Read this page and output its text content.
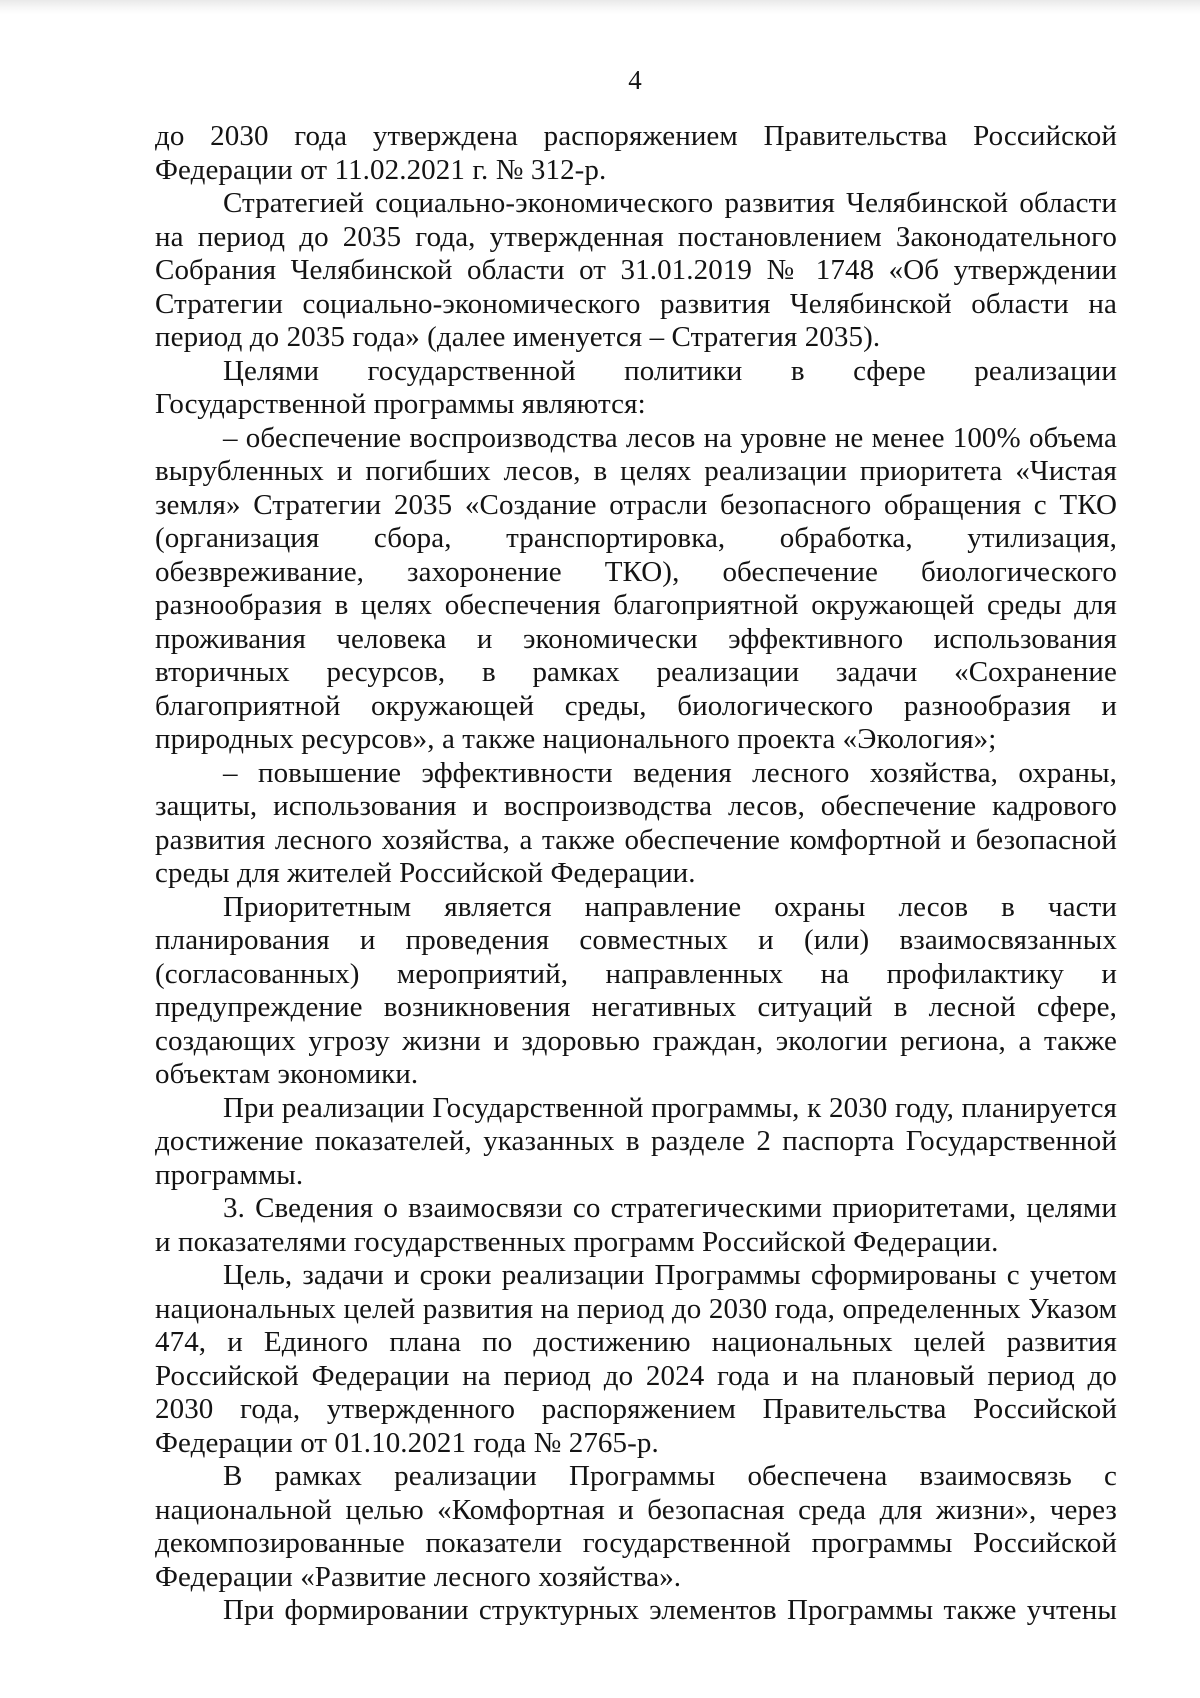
4

до 2030 года утверждена распоряжением Правительства Российской Федерации от 11.02.2021 г. № 312-р.

Стратегией социально-экономического развития Челябинской области на период до 2035 года, утвержденная постановлением Законодательного Собрания Челябинской области от 31.01.2019 № 1748 «Об утверждении Стратегии социально-экономического развития Челябинской области на период до 2035 года» (далее именуется – Стратегия 2035).

Целями государственной политики в сфере реализации Государственной программы являются:

– обеспечение воспроизводства лесов на уровне не менее 100% объема вырубленных и погибших лесов, в целях реализации приоритета «Чистая земля» Стратегии 2035 «Создание отрасли безопасного обращения с ТКО (организация сбора, транспортировка, обработка, утилизация, обезвреживание, захоронение ТКО), обеспечение биологического разнообразия в целях обеспечения благоприятной окружающей среды для проживания человека и экономически эффективного использования вторичных ресурсов, в рамках реализации задачи «Сохранение благоприятной окружающей среды, биологического разнообразия и природных ресурсов», а также национального проекта «Экология»;

– повышение эффективности ведения лесного хозяйства, охраны, защиты, использования и воспроизводства лесов, обеспечение кадрового развития лесного хозяйства, а также обеспечение комфортной и безопасной среды для жителей Российской Федерации.

Приоритетным является направление охраны лесов в части планирования и проведения совместных и (или) взаимосвязанных (согласованных) мероприятий, направленных на профилактику и предупреждение возникновения негативных ситуаций в лесной сфере, создающих угрозу жизни и здоровью граждан, экологии региона, а также объектам экономики.

При реализации Государственной программы, к 2030 году, планируется достижение показателей, указанных в разделе 2 паспорта Государственной программы.

3. Сведения о взаимосвязи со стратегическими приоритетами, целями и показателями государственных программ Российской Федерации.

Цель, задачи и сроки реализации Программы сформированы с учетом национальных целей развития на период до 2030 года, определенных Указом 474, и Единого плана по достижению национальных целей развития Российской Федерации на период до 2024 года и на плановый период до 2030 года, утвержденного распоряжением Правительства Российской Федерации от 01.10.2021 года № 2765-р.

В рамках реализации Программы обеспечена взаимосвязь с национальной целью «Комфортная и безопасная среда для жизни», через декомпозированные показатели государственной программы Российской Федерации «Развитие лесного хозяйства».

При формировании структурных элементов Программы также учтены
